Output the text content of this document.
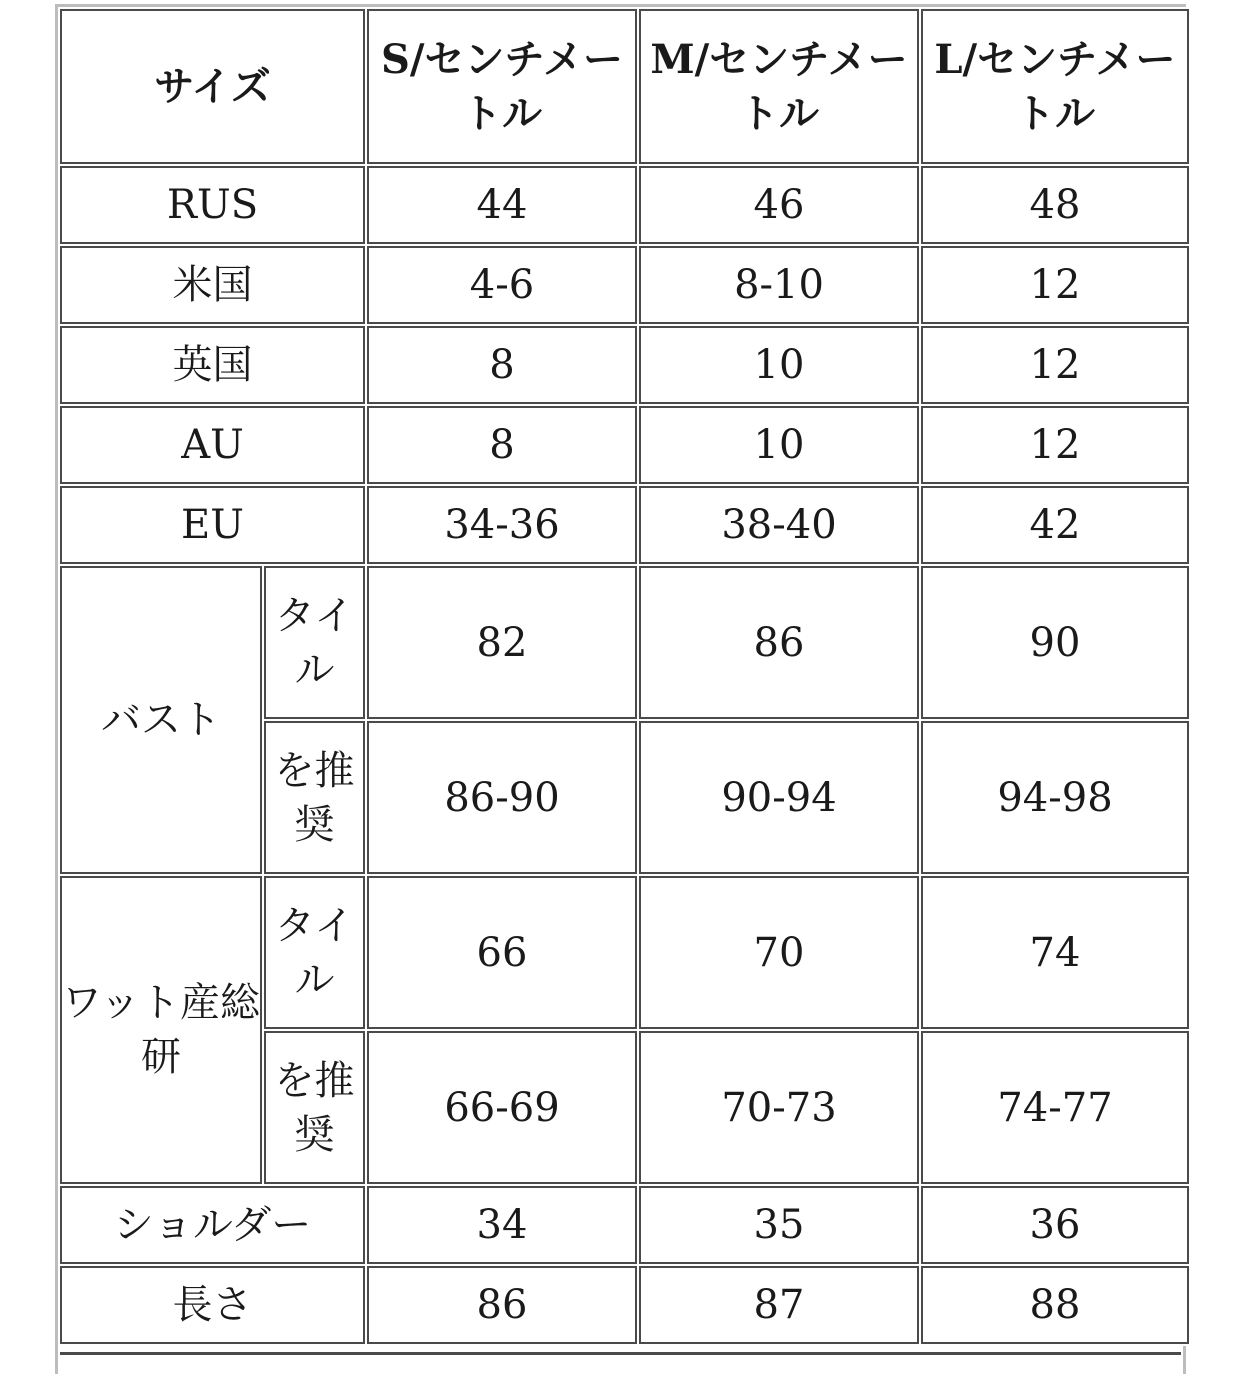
サイズ		S/センチメートル	M/センチメートル	L/センチメートル
RUS		44	46	48
米国		4-6	8-10	12
英国		8	10	12
AU		8	10	12
EU		34-36	38-40	42
バスト	タイル	82	86	90
	を推奨	86-90	90-94	94-98
ワット産総研	タイル	66	70	74
	を推奨	66-69	70-73	74-77
ショルダー		34	35	36
長さ		86	87	88
